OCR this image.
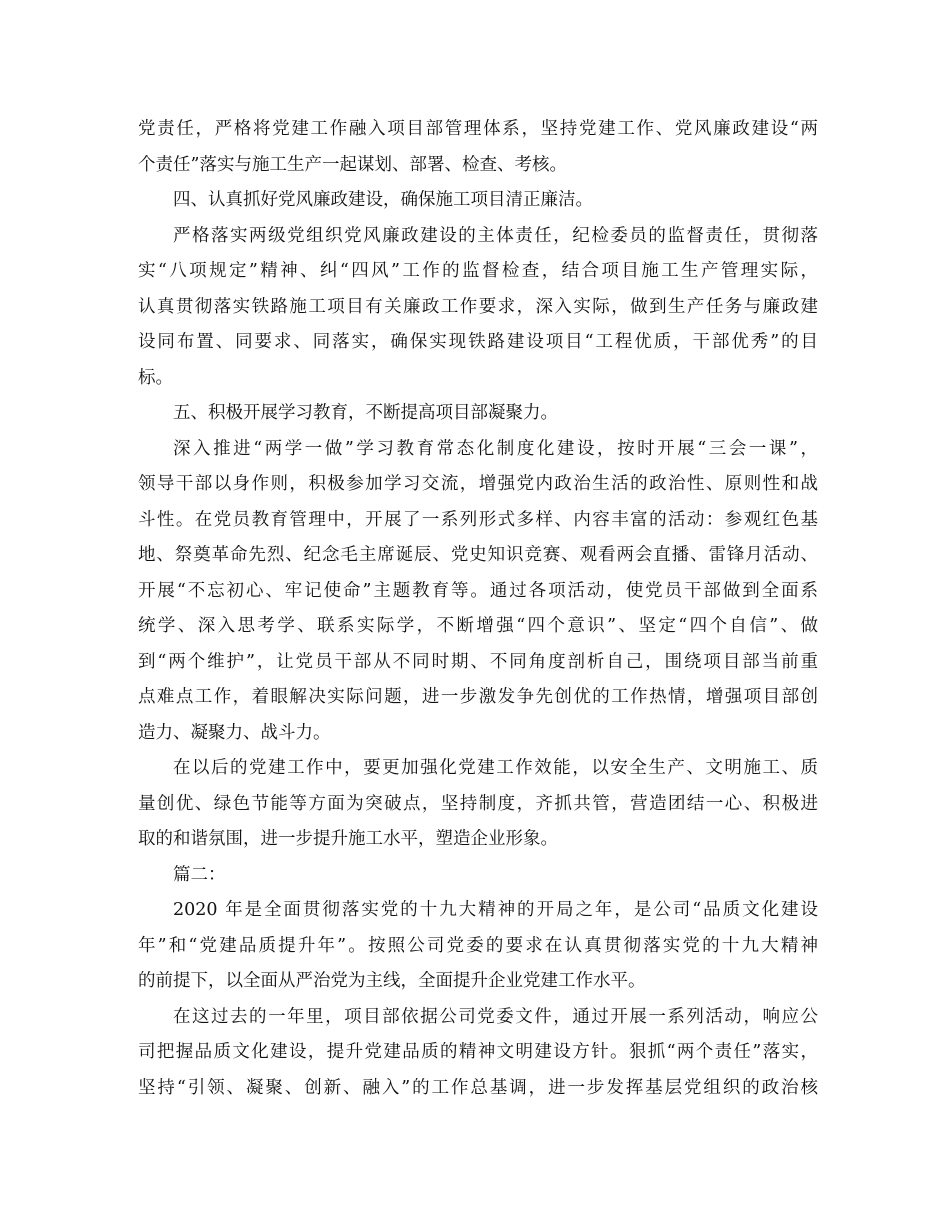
党责任，严格将党建工作融入项目部管理体系，坚持党建工作、党风廉政建设“两
个责任”落实与施工生产一起谋划、部署、检查、考核。
四、认真抓好党风廉政建设，确保施工项目清正廉洁。
严格落实两级党组织党风廉政建设的主体责任，纪检委员的监督责任，贯彻落
实“八项规定”精神、纠“四风”工作的监督检查，结合项目施工生产管理实际，
认真贯彻落实铁路施工项目有关廉政工作要求，深入实际，做到生产任务与廉政建
设同布置、同要求、同落实，确保实现铁路建设项目“工程优质，干部优秀”的目
标。
五、积极开展学习教育，不断提高项目部凝聚力。
深入推进“两学一做”学习教育常态化制度化建设，按时开展“三会一课”，
领导干部以身作则，积极参加学习交流，增强党内政治生活的政治性、原则性和战
斗性。在党员教育管理中，开展了一系列形式多样、内容丰富的活动：参观红色基
地、祭奠革命先烈、纪念毛主席诞辰、党史知识竞赛、观看两会直播、雷锋月活动、
开展“不忘初心、牢记使命”主题教育等。通过各项活动，使党员干部做到全面系
统学、深入思考学、联系实际学，不断增强“四个意识”、坚定“四个自信”、做
到“两个维护”，让党员干部从不同时期、不同角度剖析自己，围绕项目部当前重
点难点工作，着眼解决实际问题，进一步激发争先创优的工作热情，增强项目部创
造力、凝聚力、战斗力。
在以后的党建工作中，要更加强化党建工作效能，以安全生产、文明施工、质
量创优、绿色节能等方面为突破点，坚持制度，齐抓共管，营造团结一心、积极进
取的和谐氛围，进一步提升施工水平，塑造企业形象。
篇二：
2020 年是全面贯彻落实党的十九大精神的开局之年，是公司“品质文化建设
年”和“党建品质提升年”。按照公司党委的要求在认真贯彻落实党的十九大精神
的前提下，以全面从严治党为主线，全面提升企业党建工作水平。
在这过去的一年里，项目部依据公司党委文件，通过开展一系列活动，响应公
司把握品质文化建设，提升党建品质的精神文明建设方针。狠抓“两个责任”落实，
坚持“引领、凝聚、创新、融入”的工作总基调，进一步发挥基层党组织的政治核
